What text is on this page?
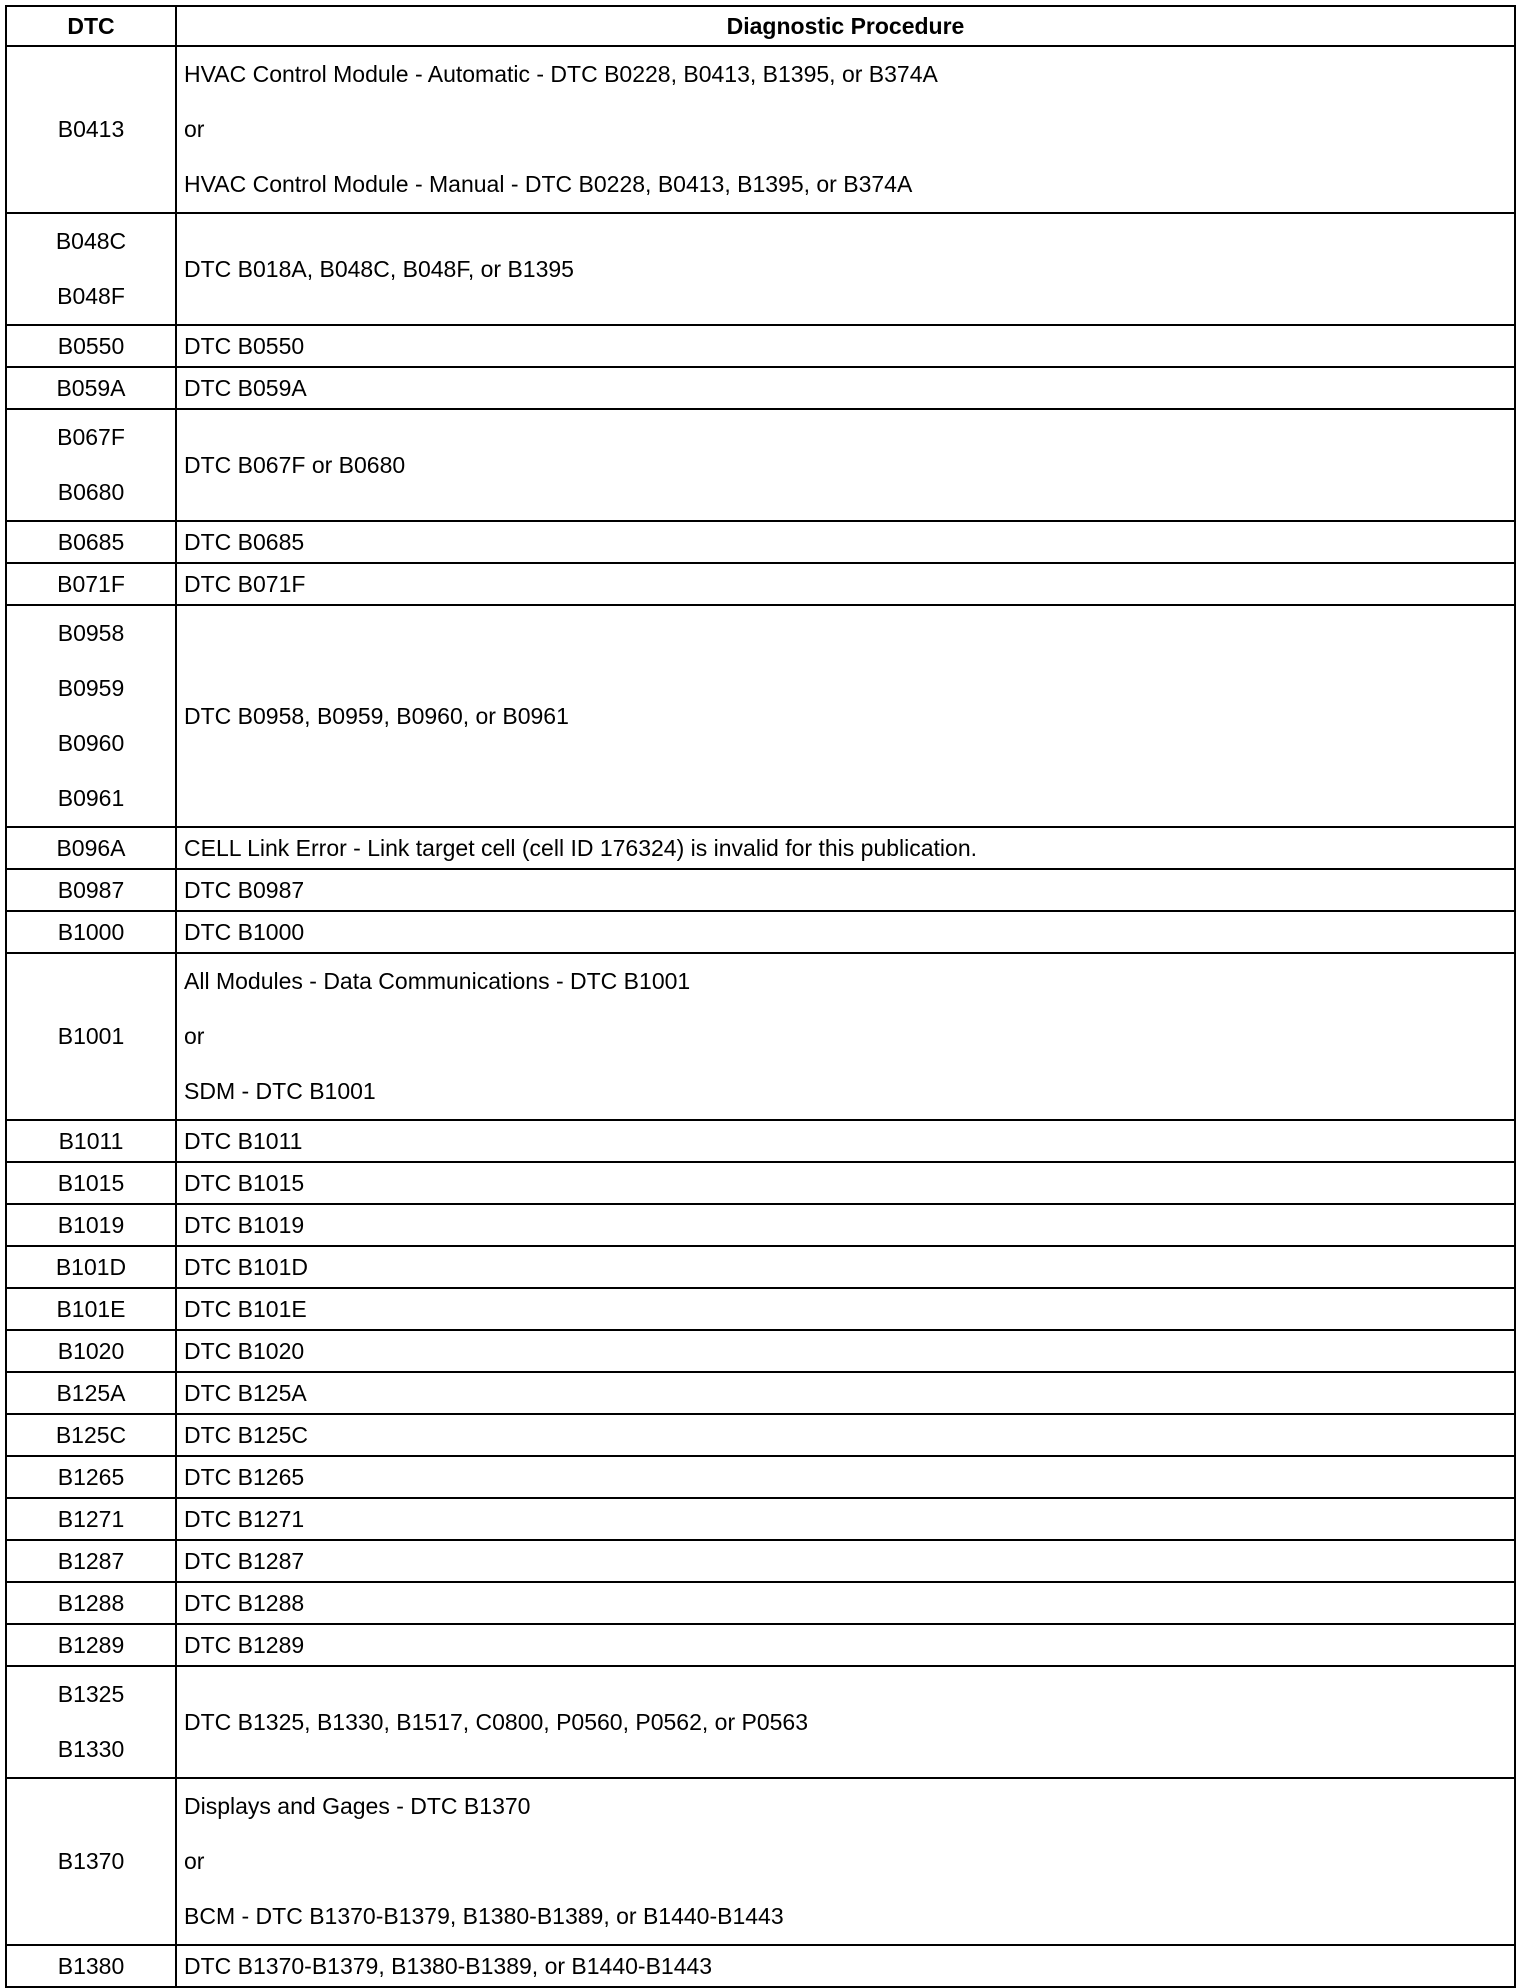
DTC	Diagnostic Procedure

B0413	HVAC Control Module - Automatic - DTC B0228, B0413, B1395, or B374A
or
HVAC Control Module - Manual - DTC B0228, B0413, B1395, or B374A

B048C
B048F	DTC B018A, B048C, B048F, or B1395

B0550	DTC B0550
B059A	DTC B059A

B067F
B0680	DTC B067F or B0680

B0685	DTC B0685
B071F	DTC B071F

B0958
B0959
B0960
B0961	DTC B0958, B0959, B0960, or B0961

B096A	CELL Link Error - Link target cell (cell ID 176324) is invalid for this publication.
B0987	DTC B0987
B1000	DTC B1000

B1001	All Modules - Data Communications - DTC B1001
or
SDM - DTC B1001

B1011	DTC B1011
B1015	DTC B1015
B1019	DTC B1019
B101D	DTC B101D
B101E	DTC B101E
B1020	DTC B1020
B125A	DTC B125A
B125C	DTC B125C
B1265	DTC B1265
B1271	DTC B1271
B1287	DTC B1287
B1288	DTC B1288
B1289	DTC B1289

B1325
B1330	DTC B1325, B1330, B1517, C0800, P0560, P0562, or P0563

B1370	Displays and Gages - DTC B1370
or
BCM - DTC B1370-B1379, B1380-B1389, or B1440-B1443

B1380	DTC B1370-B1379, B1380-B1389, or B1440-B1443
